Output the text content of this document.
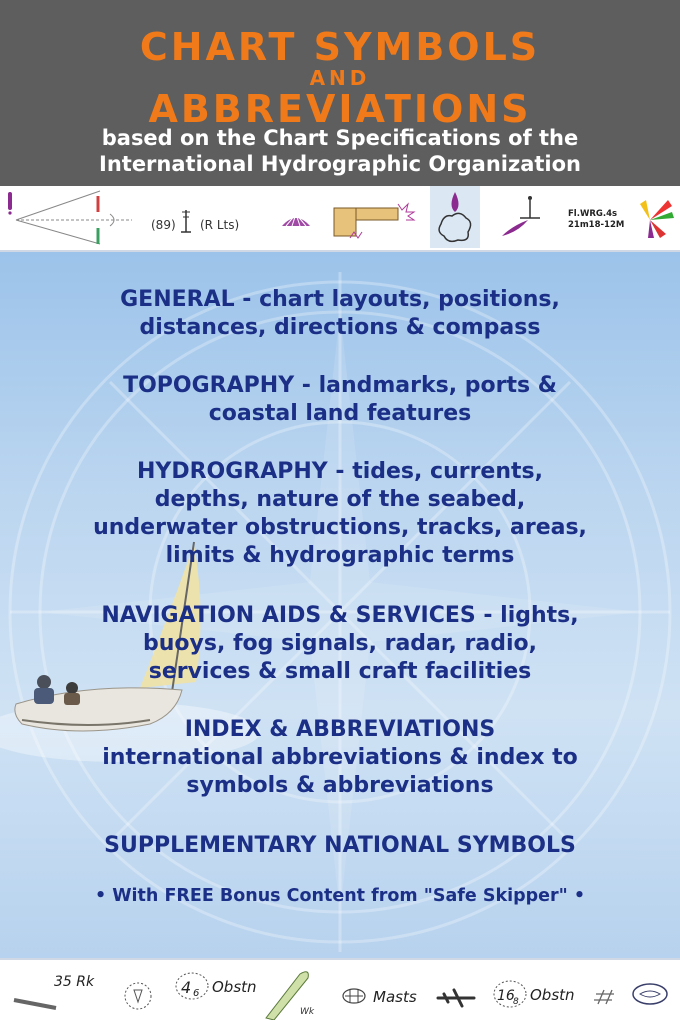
CHART SYMBOLS
AND
ABBREVIATIONS
based on the Chart Specifications of the
International Hydrographic Organization
(89) (R Lts)
Fl.WRG.4s
21m18-12M
GENERAL - chart layouts, positions,
distances, directions & compass
TOPOGRAPHY - landmarks, ports &
coastal land features
HYDROGRAPHY - tides, currents,
depths, nature of the seabed,
underwater obstructions, tracks, areas,
limits & hydrographic terms
NAVIGATION AIDS & SERVICES - lights,
buoys, fog signals, radar, radio,
services & small craft facilities
INDEX & ABBREVIATIONS
international abbreviations & index to
symbols & abbreviations
SUPPLEMENTARY NATIONAL SYMBOLS
• With FREE Bonus Content from "Safe Skipper" •
35 Rk	4 6 Obstn
Wk
Masts	16
8 Obstn
